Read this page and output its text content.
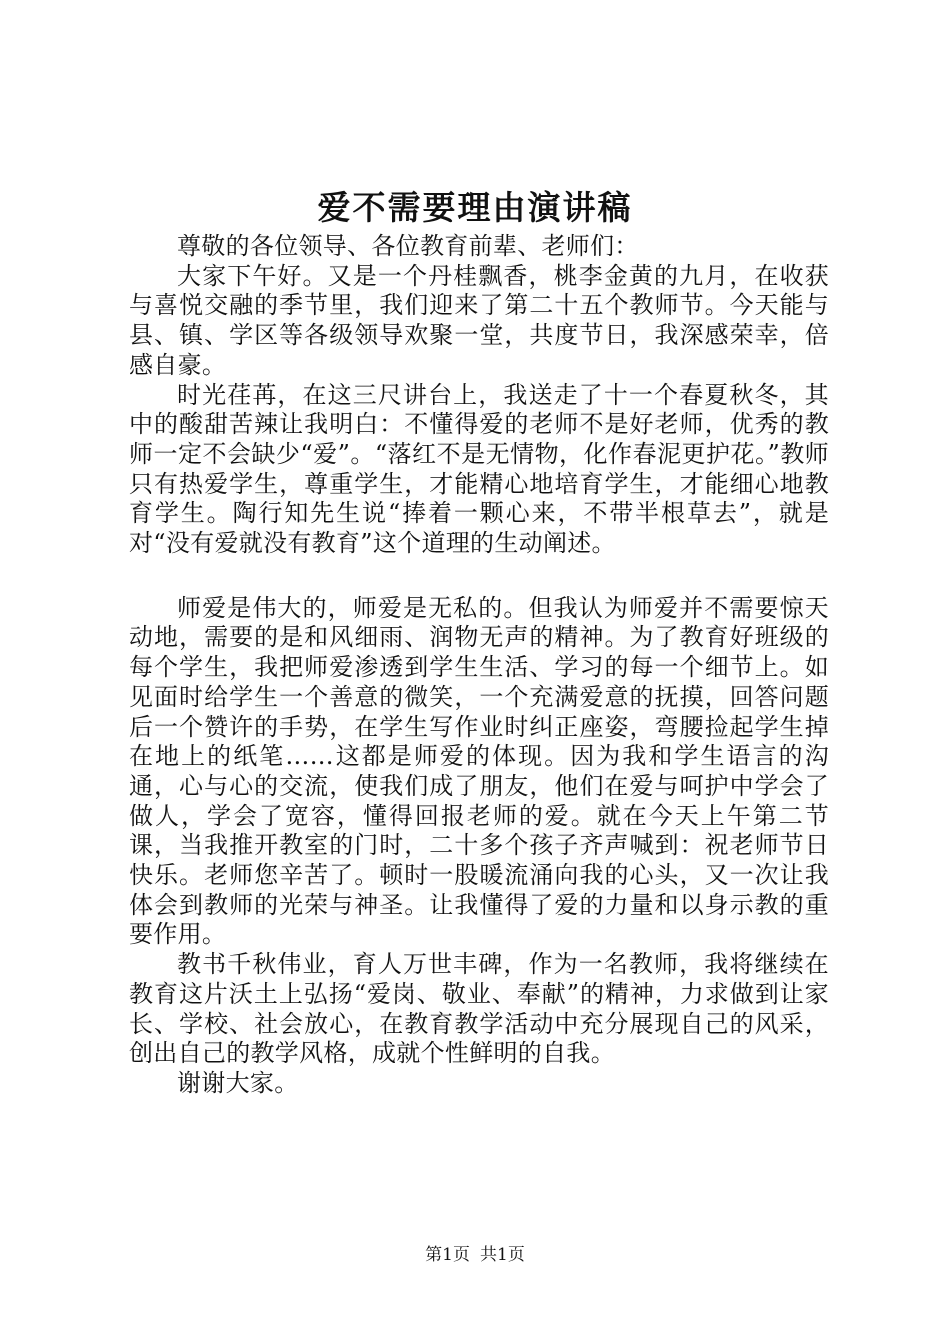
爱不需要理由演讲稿

尊敬的各位领导、各位教育前辈、老师们：

大家下午好。又是一个丹桂飘香，桃李金黄的九月，在收获与喜悦交融的季节里，我们迎来了第二十五个教师节。今天能与县、镇、学区等各级领导欢聚一堂，共度节日，我深感荣幸，倍感自豪。

时光荏苒，在这三尺讲台上，我送走了十一个春夏秋冬，其中的酸甜苦辣让我明白：不懂得爱的老师不是好老师，优秀的教师一定不会缺少“爱”。“落红不是无情物，化作春泥更护花。”教师只有热爱学生，尊重学生，才能精心地培育学生，才能细心地教育学生。陶行知先生说“捧着一颗心来，不带半根草去”，就是对“没有爱就没有教育”这个道理的生动阐述。

师爱是伟大的，师爱是无私的。但我认为师爱并不需要惊天动地，需要的是和风细雨、润物无声的精神。为了教育好班级的每个学生，我把师爱渗透到学生生活、学习的每一个细节上。如见面时给学生一个善意的微笑，一个充满爱意的抚摸，回答问题后一个赞许的手势，在学生写作业时纠正座姿，弯腰捡起学生掉在地上的纸笔……这都是师爱的体现。因为我和学生语言的沟通，心与心的交流，使我们成了朋友，他们在爱与呵护中学会了做人，学会了宽容，懂得回报老师的爱。就在今天上午第二节课，当我推开教室的门时，二十多个孩子齐声喊到：祝老师节日快乐。老师您辛苦了。顿时一股暖流涌向我的心头，又一次让我体会到教师的光荣与神圣。让我懂得了爱的力量和以身示教的重要作用。

教书千秋伟业，育人万世丰碑，作为一名教师，我将继续在教育这片沃土上弘扬“爱岗、敬业、奉献”的精神，力求做到让家长、学校、社会放心，在教育教学活动中充分展现自己的风采，创出自己的教学风格，成就个性鲜明的自我。

谢谢大家。

第1页 共1页
